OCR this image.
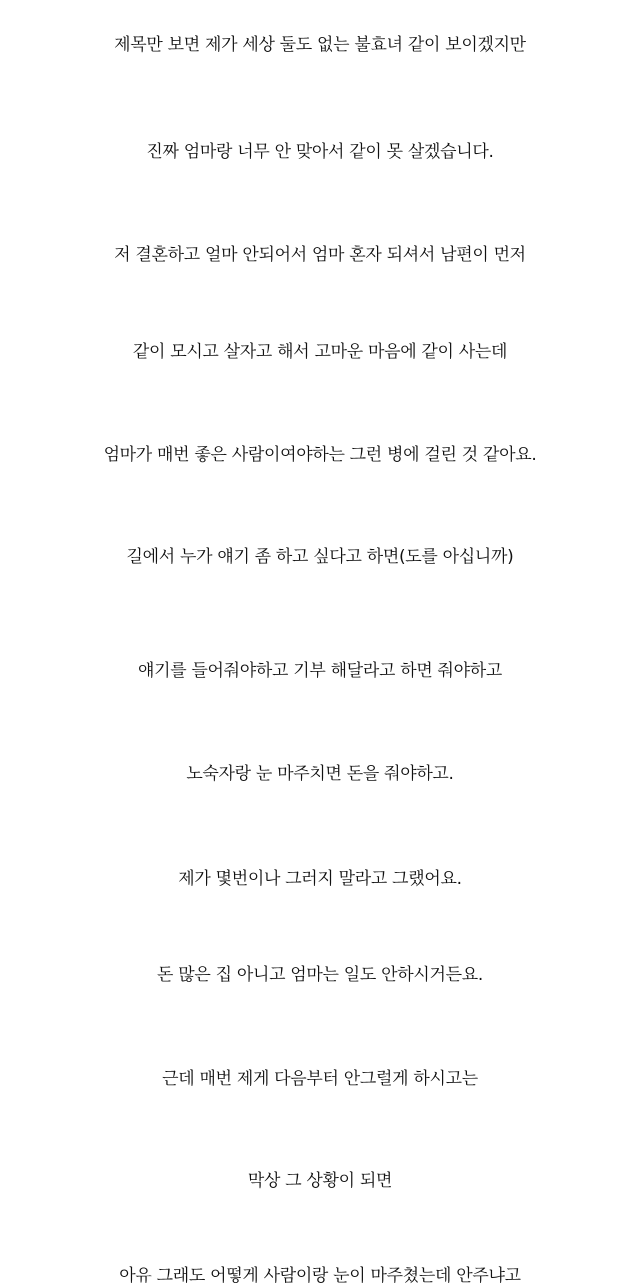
제목만 보면 제가 세상 둘도 없는 불효녀 같이 보이겠지만
진짜 엄마랑 너무 안 맞아서 같이 못 살겠습니다.
저 결혼하고 얼마 안되어서 엄마 혼자 되셔서 남편이 먼저
같이 모시고 살자고 해서 고마운 마음에 같이 사는데
엄마가 매번 좋은 사람이여야하는 그런 병에 걸린 것 같아요.
길에서 누가 얘기 좀 하고 싶다고 하면(도를 아십니까)
얘기를 들어줘야하고 기부 해달라고 하면 줘야하고
노숙자랑 눈 마주치면 돈을 줘야하고.
제가 몇번이나 그러지 말라고 그랬어요.
돈 많은 집 아니고 엄마는 일도 안하시거든요.
근데 매번 제게 다음부터 안그럴게 하시고는
막상 그 상황이 되면
아유 그래도 어떻게 사람이랑 눈이 마주쳤는데 안주냐고
